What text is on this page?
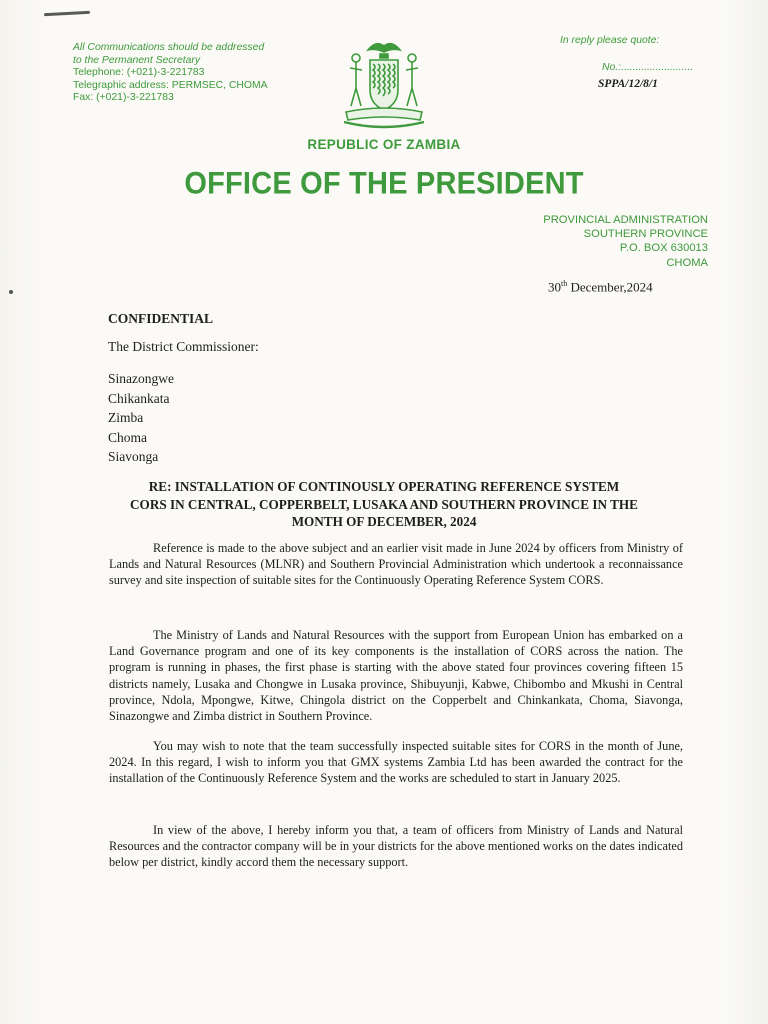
All Communications should be addressed
to the Permanent Secretary
Telephone: (+021)-3-221783
Telegraphic address: PERMSEC, CHOMA
Fax: (+021)-3-221783
In reply please quote:
No.:.........................
SPPA/12/8/1
REPUBLIC OF ZAMBIA
OFFICE OF THE PRESIDENT
PROVINCIAL ADMINISTRATION
SOUTHERN PROVINCE
P.O. BOX 630013
CHOMA
30th December,2024
CONFIDENTIAL
The District Commissioner:
Sinazongwe
Chikankata
Zimba
Choma
Siavonga
RE: INSTALLATION OF CONTINOUSLY OPERATING REFERENCE SYSTEM
CORS IN CENTRAL, COPPERBELT, LUSAKA AND SOUTHERN PROVINCE IN THE
MONTH OF DECEMBER, 2024

Reference is made to the above subject and an earlier visit made in June 2024 by officers from Ministry of Lands and Natural Resources (MLNR) and Southern Provincial Administration which undertook a reconnaissance survey and site inspection of suitable sites for the Continuously Operating Reference System CORS.

The Ministry of Lands and Natural Resources with the support from European Union has embarked on a Land Governance program and one of its key components is the installation of CORS across the nation. The program is running in phases, the first phase is starting with the above stated four provinces covering fifteen 15 districts namely, Lusaka and Chongwe in Lusaka province, Shibuyunji, Kabwe, Chibombo and Mkushi in Central province, Ndola, Mpongwe, Kitwe, Chingola district on the Copperbelt and Chinkankata, Choma, Siavonga, Sinazongwe and Zimba district in Southern Province.

You may wish to note that the team successfully inspected suitable sites for CORS in the month of June, 2024. In this regard, I wish to inform you that GMX systems Zambia Ltd has been awarded the contract for the installation of the Continuously Reference System and the works are scheduled to start in January 2025.

In view of the above, I hereby inform you that, a team of officers from Ministry of Lands and Natural Resources and the contractor company will be in your districts for the above mentioned works on the dates indicated below per district, kindly accord them the necessary support.
